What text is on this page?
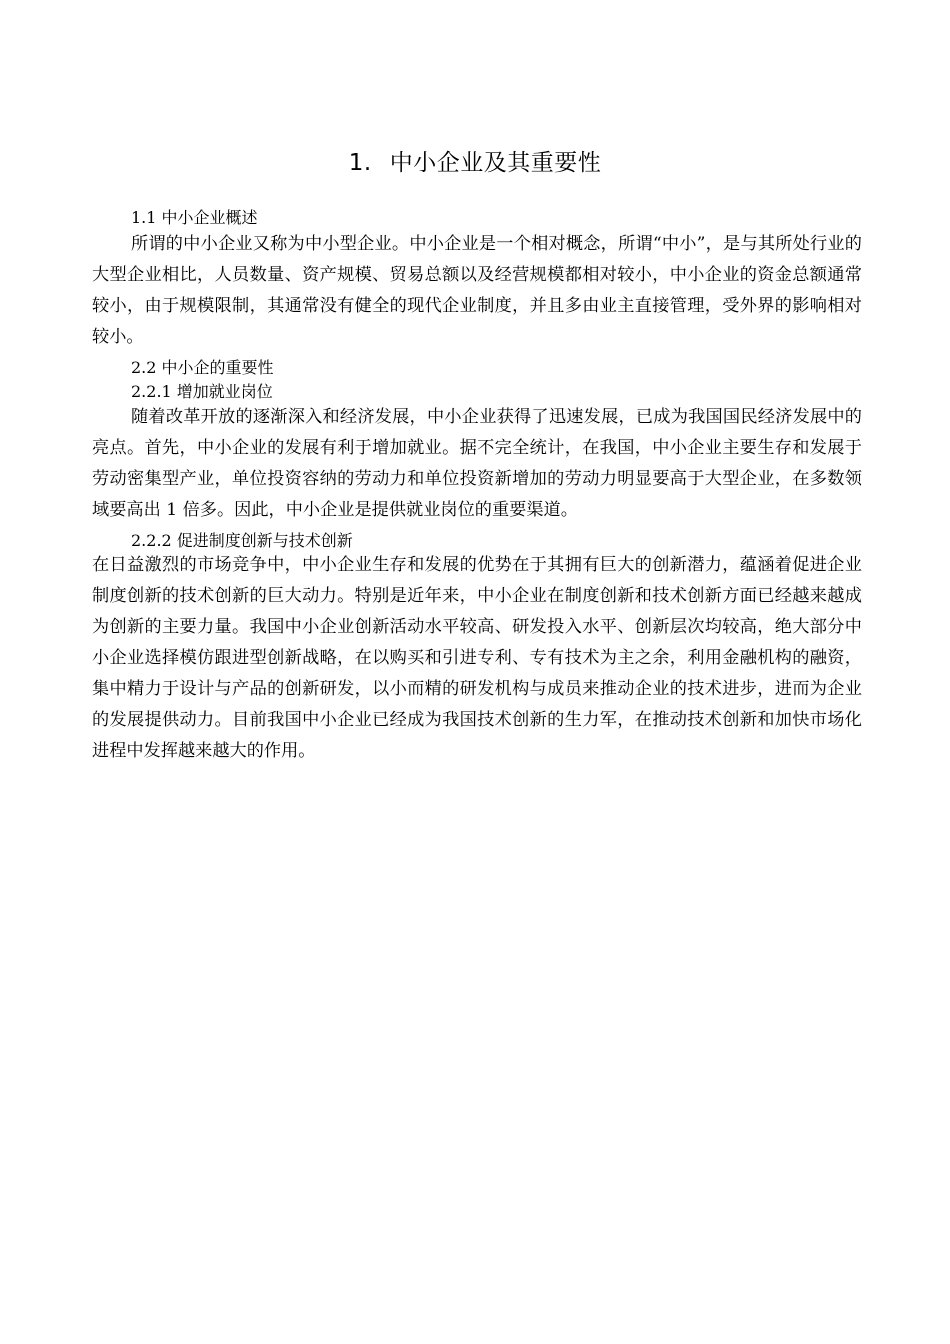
1. 中小企业及其重要性
1.1 中小企业概述
所谓的中小企业又称为中小型企业。中小企业是一个相对概念，所谓“中小”，是与其所处行业的大型企业相比，人员数量、资产规模、贸易总额以及经营规模都相对较小，中小企业的资金总额通常较小，由于规模限制，其通常没有健全的现代企业制度，并且多由业主直接管理，受外界的影响相对较小。
2.2 中小企的重要性
2.2.1 增加就业岗位
随着改革开放的逐渐深入和经济发展，中小企业获得了迅速发展，已成为我国国民经济发展中的亮点。首先，中小企业的发展有利于增加就业。据不完全统计，在我国，中小企业主要生存和发展于劳动密集型产业，单位投资容纳的劳动力和单位投资新增加的劳动力明显要高于大型企业，在多数领域要高出 1 倍多。因此，中小企业是提供就业岗位的重要渠道。
2.2.2 促进制度创新与技术创新
在日益激烈的市场竞争中，中小企业生存和发展的优势在于其拥有巨大的创新潜力，蕴涵着促进企业制度创新的技术创新的巨大动力。特别是近年来，中小企业在制度创新和技术创新方面已经越来越成为创新的主要力量。我国中小企业创新活动水平较高、研发投入水平、创新层次均较高，绝大部分中小企业选择模仿跟进型创新战略，在以购买和引进专利、专有技术为主之余，利用金融机构的融资，集中精力于设计与产品的创新研发，以小而精的研发机构与成员来推动企业的技术进步，进而为企业的发展提供动力。目前我国中小企业已经成为我国技术创新的生力军，在推动技术创新和加快市场化进程中发挥越来越大的作用。
